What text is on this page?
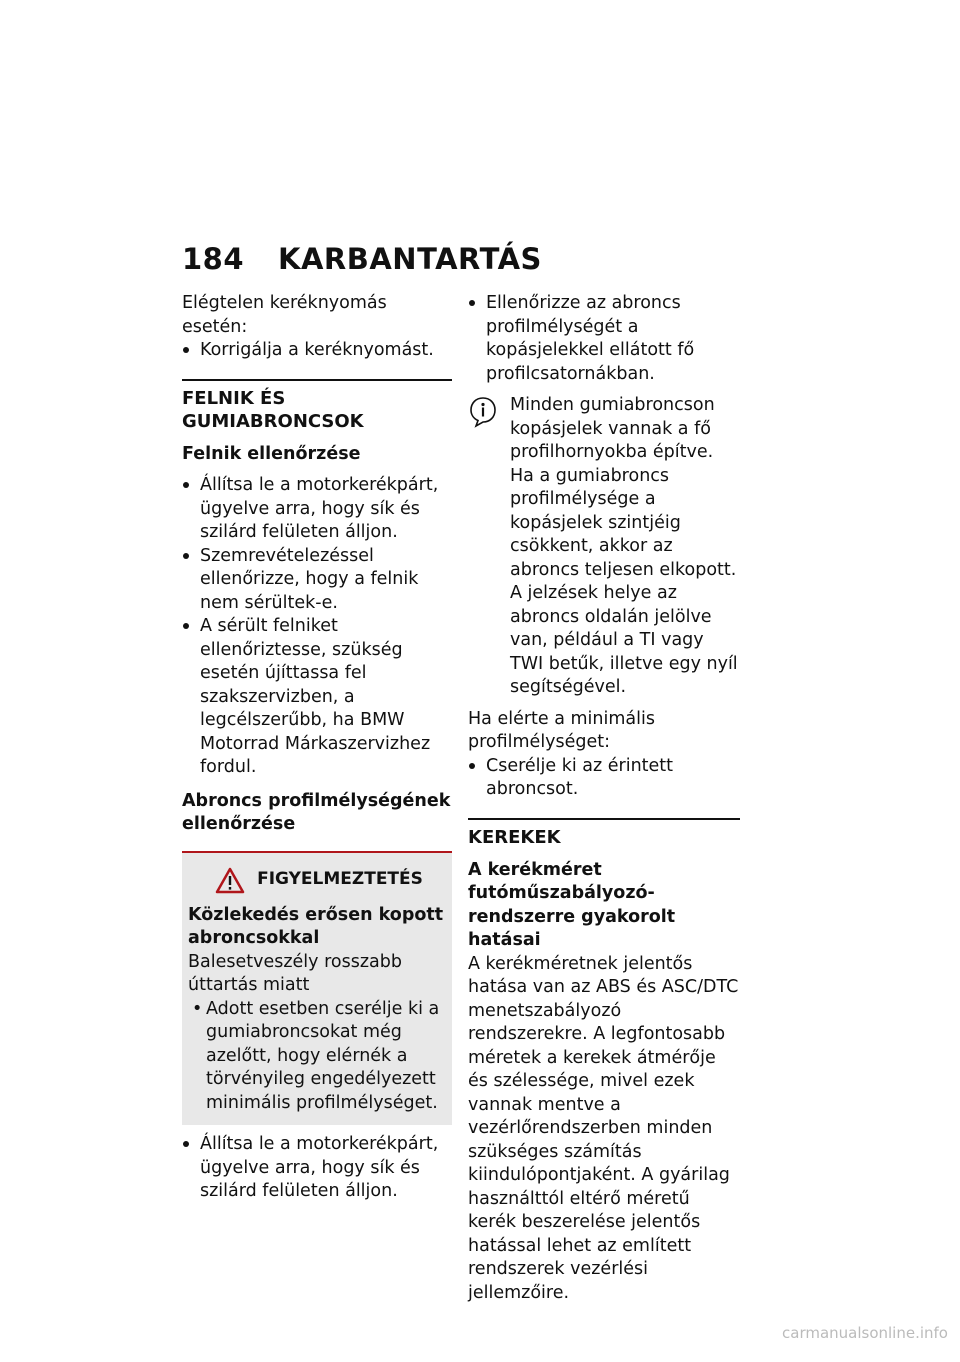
184 KARBANTARTÁS

Elégtelen keréknyomás esetén:

Korrigálja a keréknyomást.

FELNIK ÉS GUMIABRONCSOK
Felnik ellenőrzése

Állítsa le a motorkerékpárt, ügyelve arra, hogy sík és szilárd felületen álljon.

Szemrevételezéssel ellenőrizze, hogy a felnik nem sérültek-e.

A sérült felniket ellenőriztesse, szükség esetén újíttassa fel szakszervizben, a legcélszerűbb, ha BMW Motorrad Márkaszervizhez fordul.

Abroncs profilmélységének ellenőrzése
FIGYELMEZTETÉS
Közlekedés erősen kopott abroncsokkal
Balesetveszély rosszabb úttartás miatt
• Adott esetben cserélje ki a gumiabroncsokat még azelőtt, hogy elérnék a törvényileg engedélyezett minimális profilmélységet.

Állítsa le a motorkerékpárt, ügyelve arra, hogy sík és szilárd felületen álljon.

Ellenőrizze az abroncs profilmélységét a kopásjelekkel ellátott fő profilcsatornákban.

Minden gumiabroncson kopásjelek vannak a fő profilhornyokba építve. Ha a gumiabroncs profilmélysége a kopásjelek szintjéig csökkent, akkor az abroncs teljesen elkopott. A jelzések helye az abroncs oldalán jelölve van, például a TI vagy TWI betűk, illetve egy nyíl segítségével.

Ha elérte a minimális profilmélységet:

Cserélje ki az érintett abroncsot.

KEREKEK
A kerékméret futóműszabályozó-rendszerre gyakorolt hatásai

A kerékméretnek jelentős hatása van az ABS és ASC/DTC menetszabályozó rendszerekre. A legfontosabb méretek a kerekek átmérője és szélessége, mivel ezek vannak mentve a vezérlőrendszerben minden szükséges számítás kiindulópontjaként. A gyárilag használttól eltérő méretű kerék beszerelése jelentős hatással lehet az említett rendszerek vezérlési jellemzőire.

carmanualsonline.info
